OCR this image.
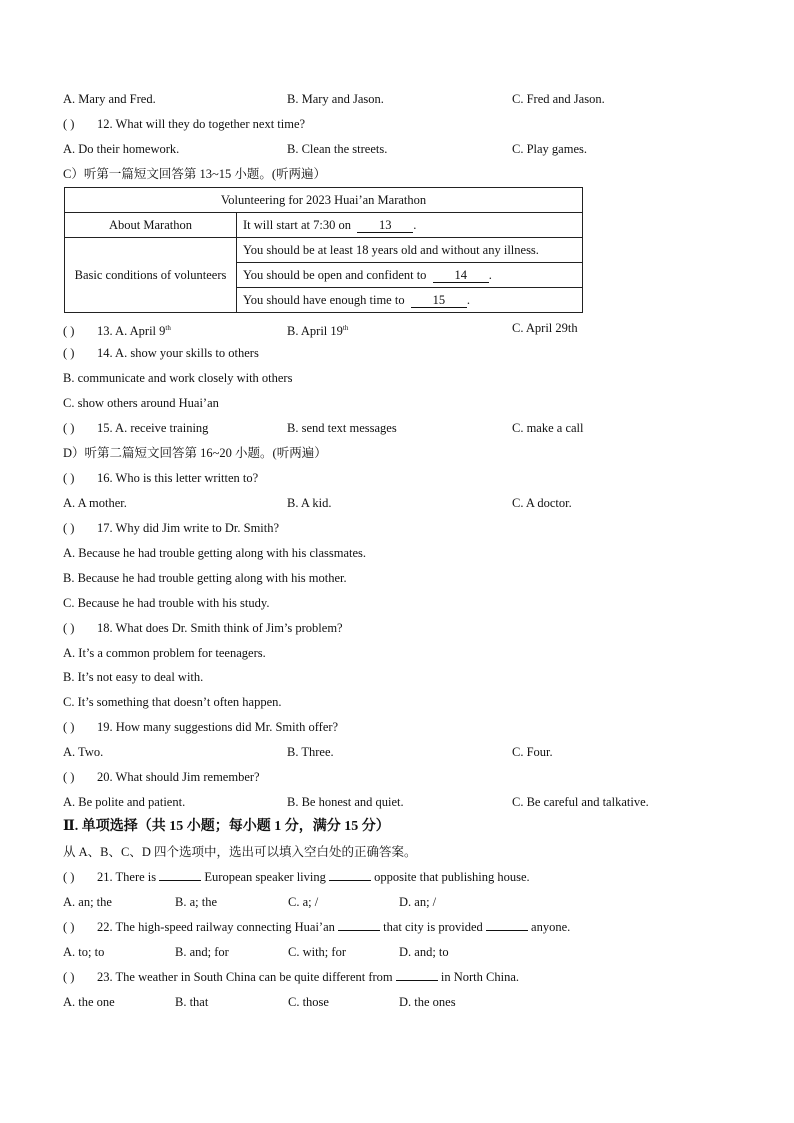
A. Mary and Fred.	B. Mary and Jason.	C. Fred and Jason.
( ) 12. What will they do together next time?
A. Do their homework.	B. Clean the streets.	C. Play games.
C）听第一篇短文回答第 13~15 小题。(听两遍）
Volunteering for 2023 Huai’an Marathon	
About Marathon	It will start at 7:30 on 13 .
Basic conditions of volunteers	You should be at least 18 years old and without any illness.
	You should be open and confident to 14 .
	You should have enough time to 15 .
( ) 13. A. April 9th	B. April 19th	C. April 29th
( ) 14. A. show your skills to others
B. communicate and work closely with others
C. show others around Huai’an
( ) 15. A. receive training	B. send text messages	C. make a call
D）听第二篇短文回答第 16~20 小题。(听两遍）
( ) 16. Who is this letter written to?
A. A mother.	B. A kid.	C. A doctor.
( ) 17. Why did Jim write to Dr. Smith?
A. Because he had trouble getting along with his classmates.
B. Because he had trouble getting along with his mother.
C. Because he had trouble with his study.
( ) 18. What does Dr. Smith think of Jim’s problem?
A. It’s a common problem for teenagers.
B. It’s not easy to deal with.
C. It’s something that doesn’t often happen.
( ) 19. How many suggestions did Mr. Smith offer?
A. Two.	B. Three.	C. Four.
( ) 20. What should Jim remember?
A. Be polite and patient.	B. Be honest and quiet.	C. Be careful and talkative.
Ⅱ. 单项选择（共 15 小题；每小题 1 分，满分 15 分）
从 A、B、C、D 四个选项中，选出可以填入空白处的正确答案。
( ) 21. There is	European speaker living	opposite that publishing house.
A. an; the	B. a; the	C. a; /	D. an; /
( ) 22. The high-speed railway connecting Huai’an	that city is provided	anyone.
A. to; to	B. and; for	C. with; for	D. and; to
( ) 23. The weather in South China can be quite different from	in North China.
A. the one	B. that	C. those	D. the ones
